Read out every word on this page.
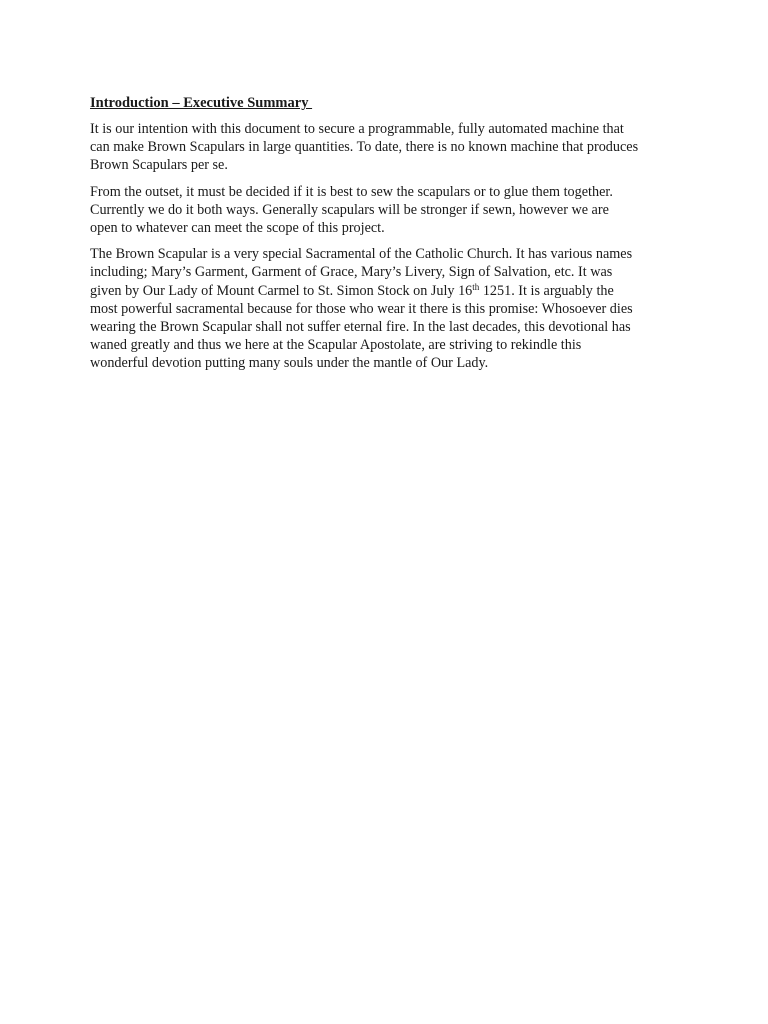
Introduction – Executive Summary

It is our intention with this document to secure a programmable, fully automated machine that
can make Brown Scapulars in large quantities. To date, there is no known machine that produces
Brown Scapulars per se.

From the outset, it must be decided if it is best to sew the scapulars or to glue them together.
Currently we do it both ways. Generally scapulars will be stronger if sewn, however we are
open to whatever can meet the scope of this project.

The Brown Scapular is a very special Sacramental of the Catholic Church. It has various names
including; Mary’s Garment, Garment of Grace, Mary’s Livery, Sign of Salvation, etc. It was
given by Our Lady of Mount Carmel to St. Simon Stock on July 16th 1251. It is arguably the
most powerful sacramental because for those who wear it there is this promise: Whosoever dies
wearing the Brown Scapular shall not suffer eternal fire. In the last decades, this devotional has
waned greatly and thus we here at the Scapular Apostolate, are striving to rekindle this
wonderful devotion putting many souls under the mantle of Our Lady.
